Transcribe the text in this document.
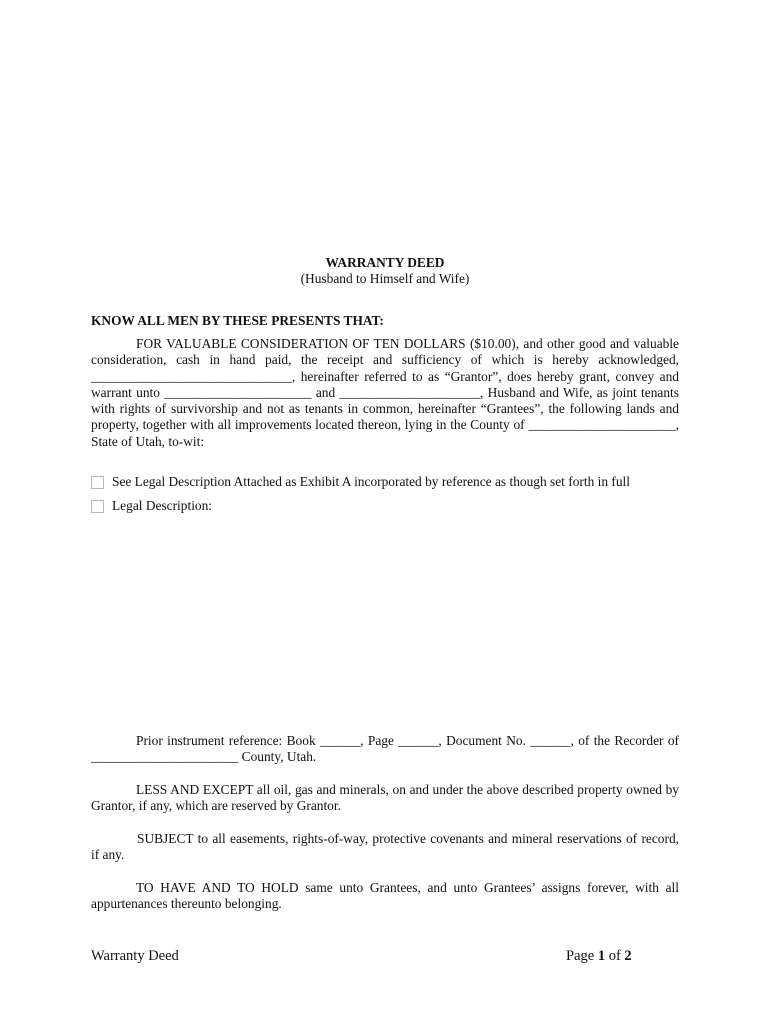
WARRANTY DEED
(Husband to Himself and Wife)
KNOW ALL MEN BY THESE PRESENTS THAT:

FOR VALUABLE CONSIDERATION OF TEN DOLLARS ($10.00), and other good and valuable consideration, cash in hand paid, the receipt and sufficiency of which is hereby acknowledged, ______________________________, hereinafter referred to as “Grantor”, does hereby grant, convey and warrant unto ______________________ and _____________________, Husband and Wife, as joint tenants with rights of survivorship and not as tenants in common, hereinafter “Grantees”, the following lands and property, together with all improvements located thereon, lying in the County of ______________________, State of Utah, to-wit:

See Legal Description Attached as Exhibit A incorporated by reference as though set forth in full
Legal Description:

Prior instrument reference: Book ______, Page ______, Document No. ______, of the Recorder of ______________________ County, Utah.

LESS AND EXCEPT all oil, gas and minerals, on and under the above described property owned by Grantor, if any, which are reserved by Grantor.

SUBJECT to all easements, rights-of-way, protective covenants and mineral reservations of record, if any.

TO HAVE AND TO HOLD same unto Grantees, and unto Grantees’ assigns forever, with all appurtenances thereunto belonging.

Warranty Deed	Page 1 of 2
